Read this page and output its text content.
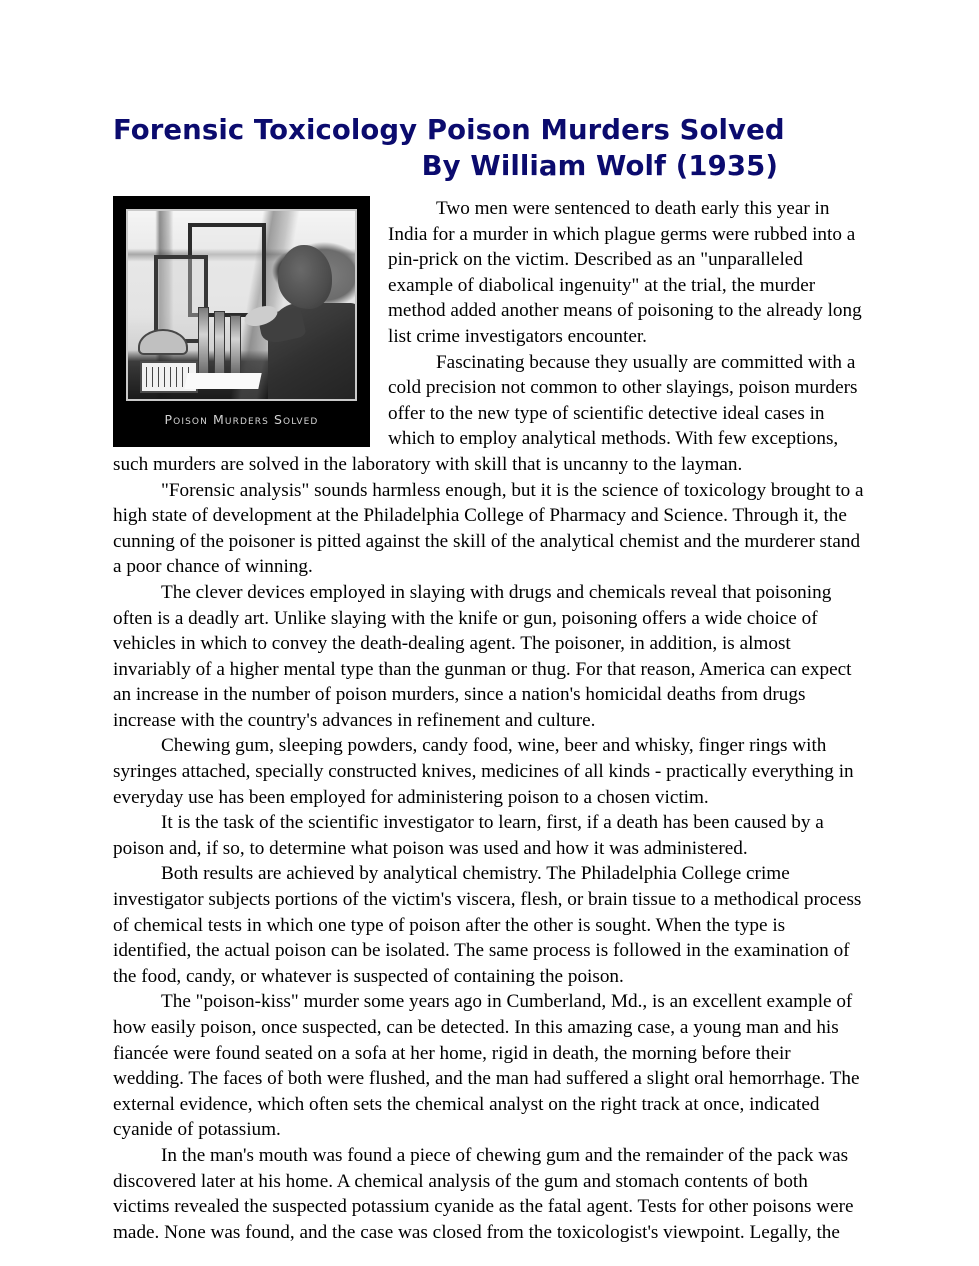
Forensic Toxicology Poison Murders Solved
By William Wolf (1935)
Poison Murders Solved

Two men were sentenced to death early this year in India for a murder in which plague germs were rubbed into a pin-prick on the victim. Described as an "unparalleled example of diabolical ingenuity" at the trial, the murder method added another means of poisoning to the already long list crime investigators encounter.

Fascinating because they usually are committed with a cold precision not common to other slayings, poison murders offer to the new type of scientific detective ideal cases in which to employ analytical methods. With few exceptions, such murders are solved in the laboratory with skill that is uncanny to the layman.

"Forensic analysis" sounds harmless enough, but it is the science of toxicology brought to a high state of development at the Philadelphia College of Pharmacy and Science. Through it, the cunning of the poisoner is pitted against the skill of the analytical chemist and the murderer stand a poor chance of winning.

The clever devices employed in slaying with drugs and chemicals reveal that poisoning often is a deadly art. Unlike slaying with the knife or gun, poisoning offers a wide choice of vehicles in which to convey the death-dealing agent. The poisoner, in addition, is almost invariably of a higher mental type than the gunman or thug. For that reason, America can expect an increase in the number of poison murders, since a nation's homicidal deaths from drugs increase with the country's advances in refinement and culture.

Chewing gum, sleeping powders, candy food, wine, beer and whisky, finger rings with syringes attached, specially constructed knives, medicines of all kinds - practically everything in everyday use has been employed for administering poison to a chosen victim.

It is the task of the scientific investigator to learn, first, if a death has been caused by a poison and, if so, to determine what poison was used and how it was administered.

Both results are achieved by analytical chemistry. The Philadelphia College crime investigator subjects portions of the victim's viscera, flesh, or brain tissue to a methodical process of chemical tests in which one type of poison after the other is sought. When the type is identified, the actual poison can be isolated. The same process is followed in the examination of the food, candy, or whatever is suspected of containing the poison.

The "poison-kiss" murder some years ago in Cumberland, Md., is an excellent example of how easily poison, once suspected, can be detected. In this amazing case, a young man and his fiancée were found seated on a sofa at her home, rigid in death, the morning before their wedding. The faces of both were flushed, and the man had suffered a slight oral hemorrhage. The external evidence, which often sets the chemical analyst on the right track at once, indicated cyanide of potassium.

In the man's mouth was found a piece of chewing gum and the remainder of the pack was discovered later at his home. A chemical analysis of the gum and stomach contents of both victims revealed the suspected potassium cyanide as the fatal agent. Tests for other poisons were made. None was found, and the case was closed from the toxicologist's viewpoint. Legally, the
